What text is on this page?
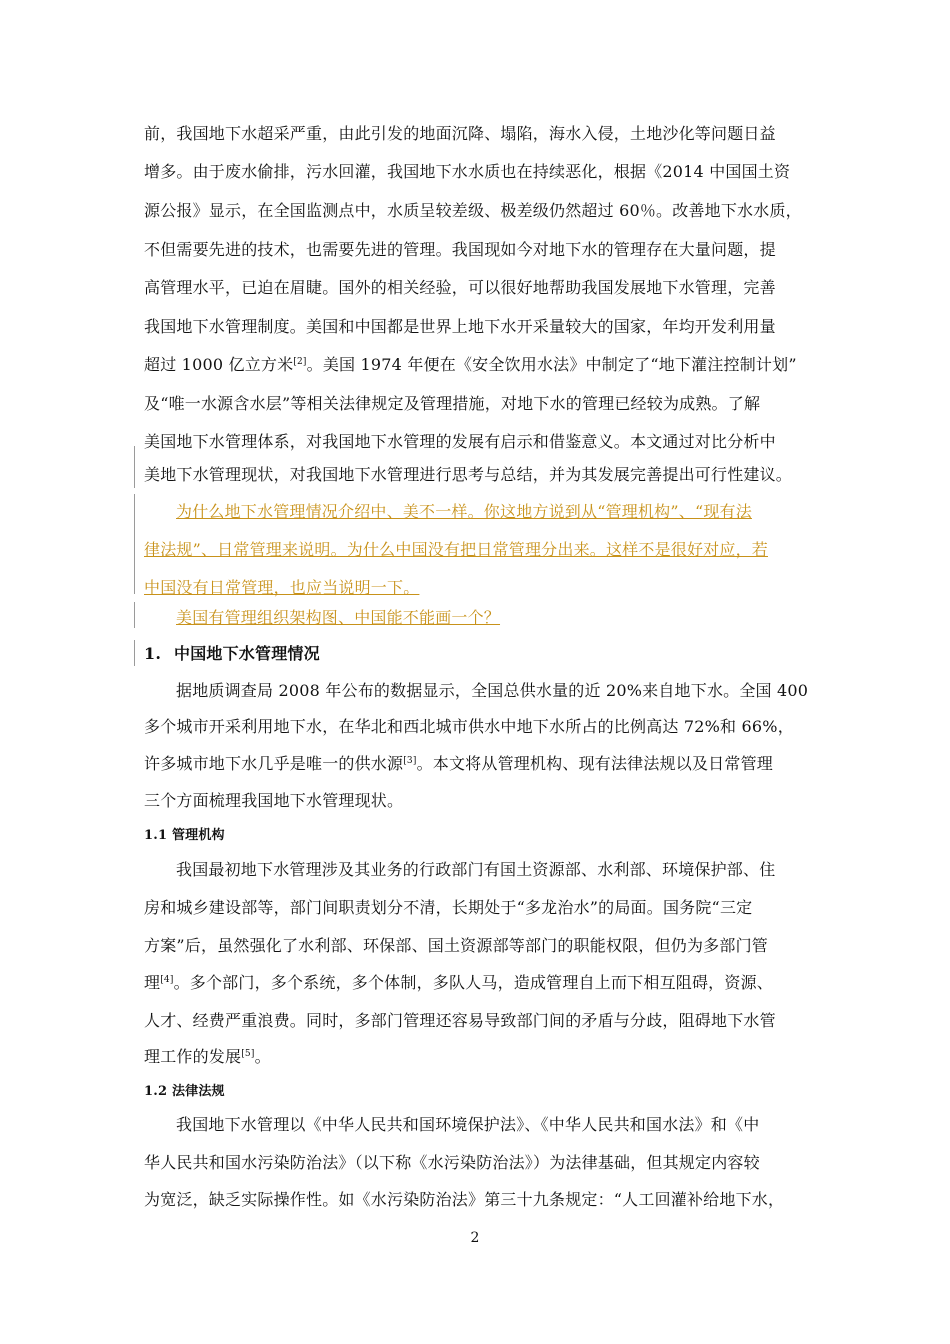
前，我国地下水超采严重，由此引发的地面沉降、塌陷，海水入侵，土地沙化等问题日益
增多。由于废水偷排，污水回灌，我国地下水水质也在持续恶化，根据《2014 中国国土资
源公报》显示，在全国监测点中，水质呈较差级、极差级仍然超过 60％。改善地下水水质，
不但需要先进的技术，也需要先进的管理。我国现如今对地下水的管理存在大量问题，提
高管理水平，已迫在眉睫。国外的相关经验，可以很好地帮助我国发展地下水管理，完善
我国地下水管理制度。美国和中国都是世界上地下水开采量较大的国家，年均开发利用量
超过 1000 亿立方米[2]。美国 1974 年便在《安全饮用水法》中制定了“地下灌注控制计划”
及“唯一水源含水层”等相关法律规定及管理措施，对地下水的管理已经较为成熟。了解
美国地下水管理体系，对我国地下水管理的发展有启示和借鉴意义。本文通过对比分析中
美地下水管理现状，对我国地下水管理进行思考与总结，并为其发展完善提出可行性建议。
为什么地下水管理情况介绍中、美不一样。你这地方说到从“管理机构”、“现有法
律法规”、日常管理来说明。为什么中国没有把日常管理分出来。这样不是很好对应，若
中国没有日常管理，也应当说明一下。
美国有管理组织架构图、中国能不能画一个？
1. 中国地下水管理情况
据地质调查局 2008 年公布的数据显示，全国总供水量的近 20%来自地下水。全国 400
多个城市开采利用地下水，在华北和西北城市供水中地下水所占的比例高达 72%和 66%，
许多城市地下水几乎是唯一的供水源[3]。本文将从管理机构、现有法律法规以及日常管理
三个方面梳理我国地下水管理现状。
1.1 管理机构
我国最初地下水管理涉及其业务的行政部门有国土资源部、水利部、环境保护部、住
房和城乡建设部等，部门间职责划分不清，长期处于“多龙治水”的局面。国务院“三定
方案”后，虽然强化了水利部、环保部、国土资源部等部门的职能权限，但仍为多部门管
理[4]。多个部门，多个系统，多个体制，多队人马，造成管理自上而下相互阻碍，资源、
人才、经费严重浪费。同时，多部门管理还容易导致部门间的矛盾与分歧，阻碍地下水管
理工作的发展[5]。
1.2 法律法规
我国地下水管理以《中华人民共和国环境保护法》、《中华人民共和国水法》和《中
华人民共和国水污染防治法》（以下称《水污染防治法》）为法律基础，但其规定内容较
为宽泛，缺乏实际操作性。如《水污染防治法》第三十九条规定：“人工回灌补给地下水，
2
